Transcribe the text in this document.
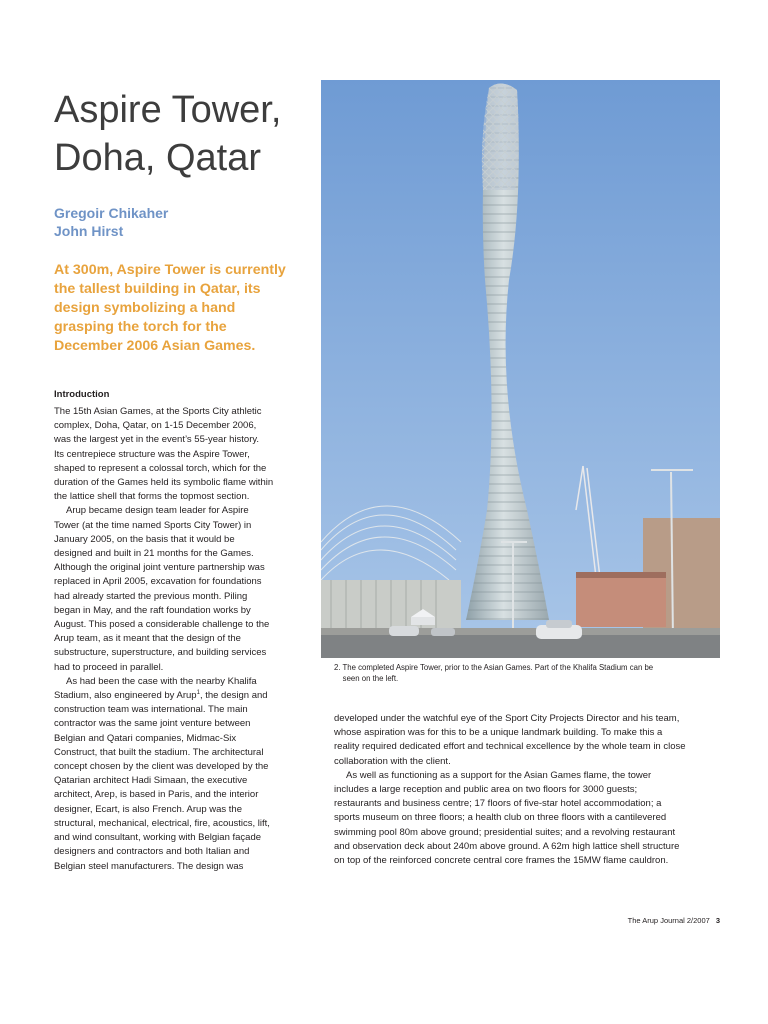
Aspire Tower,
Doha, Qatar
Gregoir Chikaher
John Hirst

At 300m, Aspire Tower is currently the tallest building in Qatar, its design symbolizing a hand grasping the torch for the December 2006 Asian Games.

Introduction

The 15th Asian Games, at the Sports City athletic
complex, Doha, Qatar, on 1-15 December 2006,
was the largest yet in the event’s 55-year history.
Its centrepiece structure was the Aspire Tower,
shaped to represent a colossal torch, which for the
duration of the Games held its symbolic flame within
the lattice shell that forms the topmost section.

Arup became design team leader for Aspire
Tower (at the time named Sports City Tower) in
January 2005, on the basis that it would be
designed and built in 21 months for the Games.
Although the original joint venture partnership was
replaced in April 2005, excavation for foundations
had already started the previous month. Piling
began in May, and the raft foundation works by
August. This posed a considerable challenge to the
Arup team, as it meant that the design of the
substructure, superstructure, and building services
had to proceed in parallel.

As had been the case with the nearby Khalifa
Stadium, also engineered by Arup$^1$, the design and
construction team was international. The main
contractor was the same joint venture between
Belgian and Qatari companies, Midmac-Six
Construct, that built the stadium. The architectural
concept chosen by the client was developed by the
Qatarian architect Hadi Simaan, the executive
architect, Arep, is based in Paris, and the interior
designer, Ecart, is also French. Arup was the
structural, mechanical, electrical, fire, acoustics, lift,
and wind consultant, working with Belgian façade
designers and contractors and both Italian and
Belgian steel manufacturers. The design was

2. The completed Aspire Tower, prior to the Asian Games. Part of the Khalifa Stadium can be
seen on the left.

developed under the watchful eye of the Sport City Projects Director and his team,
whose aspiration was for this to be a unique landmark building. To make this a
reality required dedicated effort and technical excellence by the whole team in close
collaboration with the client.

As well as functioning as a support for the Asian Games flame, the tower
includes a large reception and public area on two floors for 3000 guests;
restaurants and business centre; 17 floors of five-star hotel accommodation; a
sports museum on three floors; a health club on three floors with a cantilevered
swimming pool 80m above ground; presidential suites; and a revolving restaurant
and observation deck about 240m above ground. A 62m high lattice shell structure
on top of the reinforced concrete central core frames the 15MW flame cauldron.

The Arup Journal 2/2007 3
